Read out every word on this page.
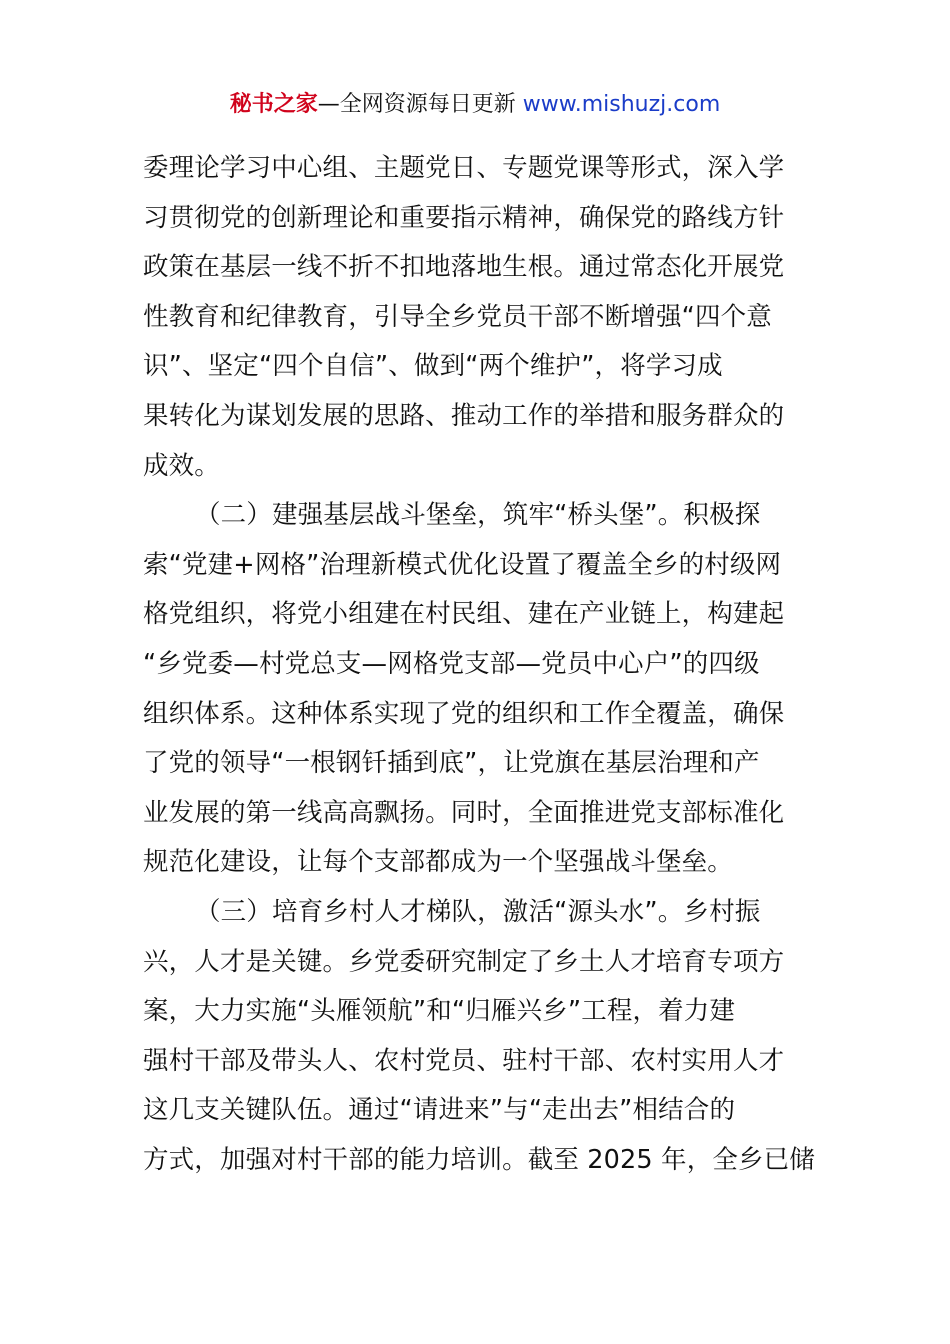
秘书之家—全网资源每日更新 www.mishuzj.com
委理论学习中心组、主题党日、专题党课等形式，深入学
习贯彻党的创新理论和重要指示精神，确保党的路线方针
政策在基层一线不折不扣地落地生根。通过常态化开展党
性教育和纪律教育，引导全乡党员干部不断增强“四个意
识”、坚定“四个自信”、做到“两个维护”，将学习成
果转化为谋划发展的思路、推动工作的举措和服务群众的
成效。
（二）建强基层战斗堡垒，筑牢“桥头堡”。积极探
索“党建+网格”治理新模式优化设置了覆盖全乡的村级网
格党组织，将党小组建在村民组、建在产业链上，构建起
“乡党委—村党总支—网格党支部—党员中心户”的四级
组织体系。这种体系实现了党的组织和工作全覆盖，确保
了党的领导“一根钢钎插到底”，让党旗在基层治理和产
业发展的第一线高高飘扬。同时，全面推进党支部标准化
规范化建设，让每个支部都成为一个坚强战斗堡垒。
（三）培育乡村人才梯队，激活“源头水”。乡村振
兴，人才是关键。乡党委研究制定了乡土人才培育专项方
案，大力实施“头雁领航”和“归雁兴乡”工程，着力建
强村干部及带头人、农村党员、驻村干部、农村实用人才
这几支关键队伍。通过“请进来”与“走出去”相结合的
方式，加强对村干部的能力培训。截至 2025 年，全乡已储
